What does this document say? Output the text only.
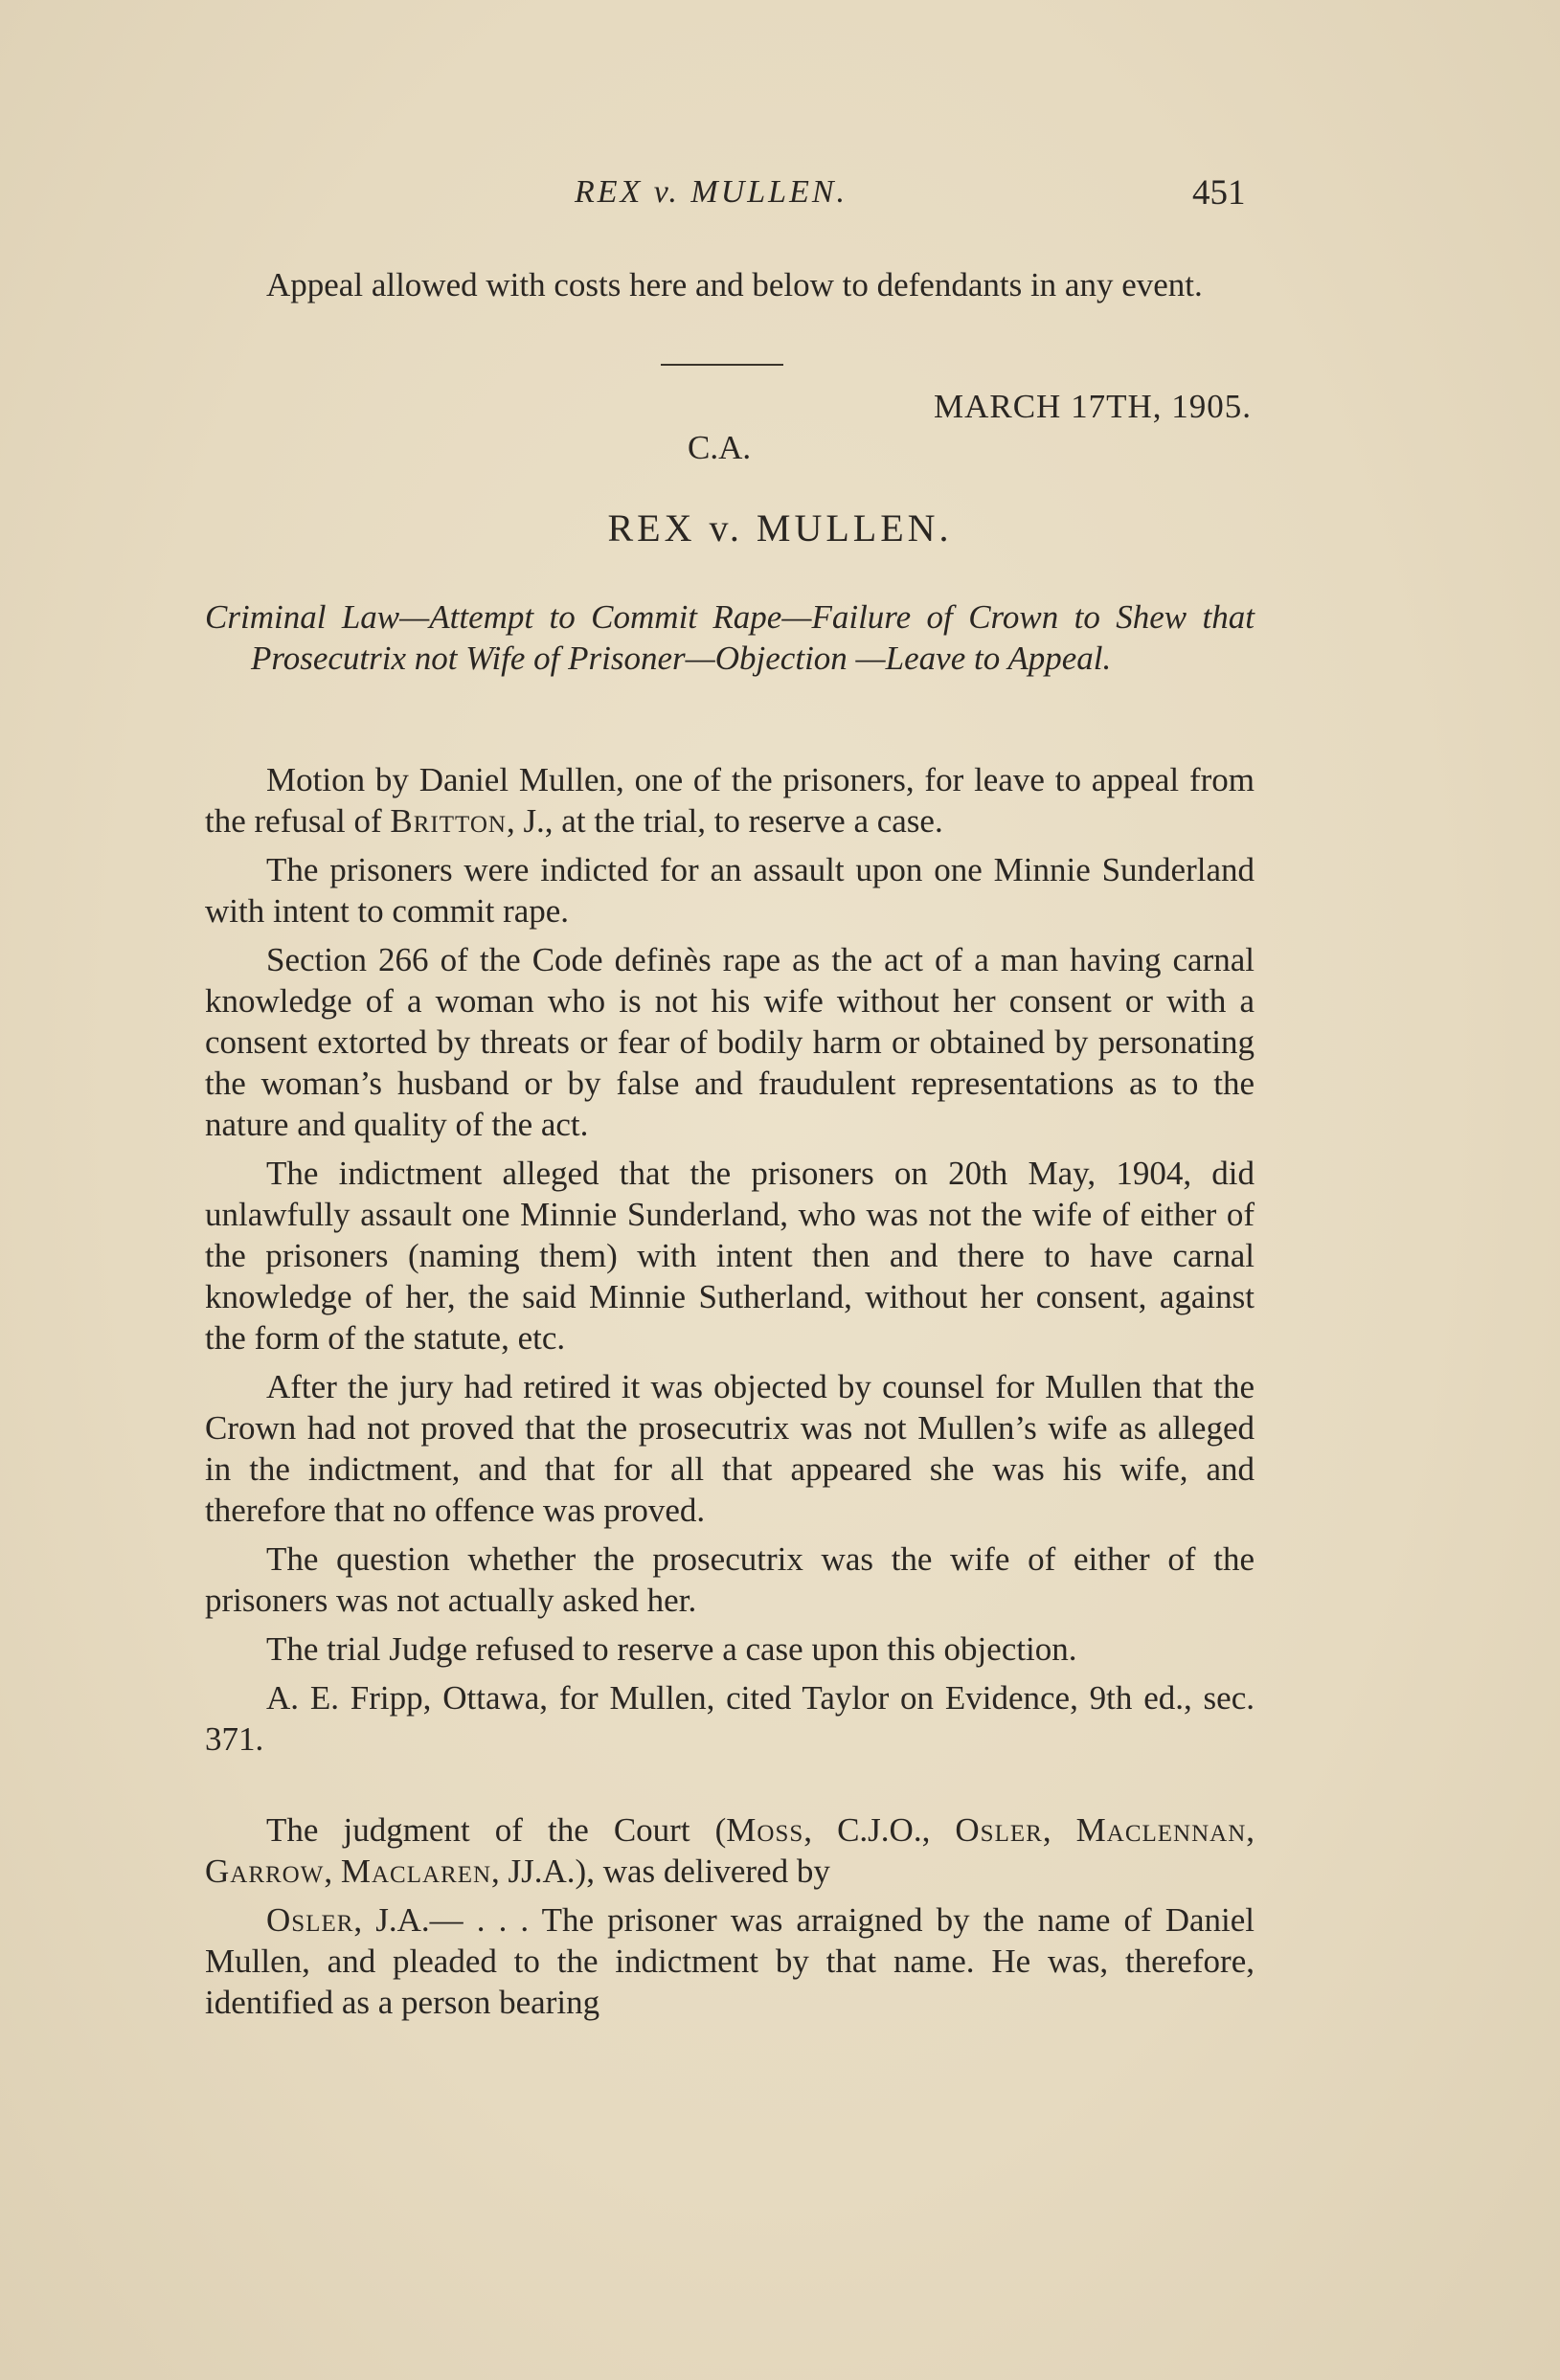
REX v. MULLEN.	451

Appeal allowed with costs here and below to defendants in any event.

MARCH 17TH, 1905.
C.A.
REX v. MULLEN.
Criminal Law—Attempt to Commit Rape—Failure of Crown to Shew that Prosecutrix not Wife of Prisoner—Objection —Leave to Appeal.

Motion by Daniel Mullen, one of the prisoners, for leave to appeal from the refusal of Britton, J., at the trial, to reserve a case.

The prisoners were indicted for an assault upon one Minnie Sunderland with intent to commit rape.

Section 266 of the Code definès rape as the act of a man having carnal knowledge of a woman who is not his wife without her consent or with a consent extorted by threats or fear of bodily harm or obtained by personating the woman’s husband or by false and fraudulent representations as to the nature and quality of the act.

The indictment alleged that the prisoners on 20th May, 1904, did unlawfully assault one Minnie Sunderland, who was not the wife of either of the prisoners (naming them) with intent then and there to have carnal knowledge of her, the said Minnie Sutherland, without her consent, against the form of the statute, etc.

After the jury had retired it was objected by counsel for Mullen that the Crown had not proved that the prosecutrix was not Mullen’s wife as alleged in the indictment, and that for all that appeared she was his wife, and therefore that no offence was proved.

The question whether the prosecutrix was the wife of either of the prisoners was not actually asked her.

The trial Judge refused to reserve a case upon this objection.

A. E. Fripp, Ottawa, for Mullen, cited Taylor on Evidence, 9th ed., sec. 371.

The judgment of the Court (Moss, C.J.O., Osler, Maclennan, Garrow, Maclaren, JJ.A.), was delivered by

Osler, J.A.— . . . The prisoner was arraigned by the name of Daniel Mullen, and pleaded to the indictment by that name. He was, therefore, identified as a person bearing
